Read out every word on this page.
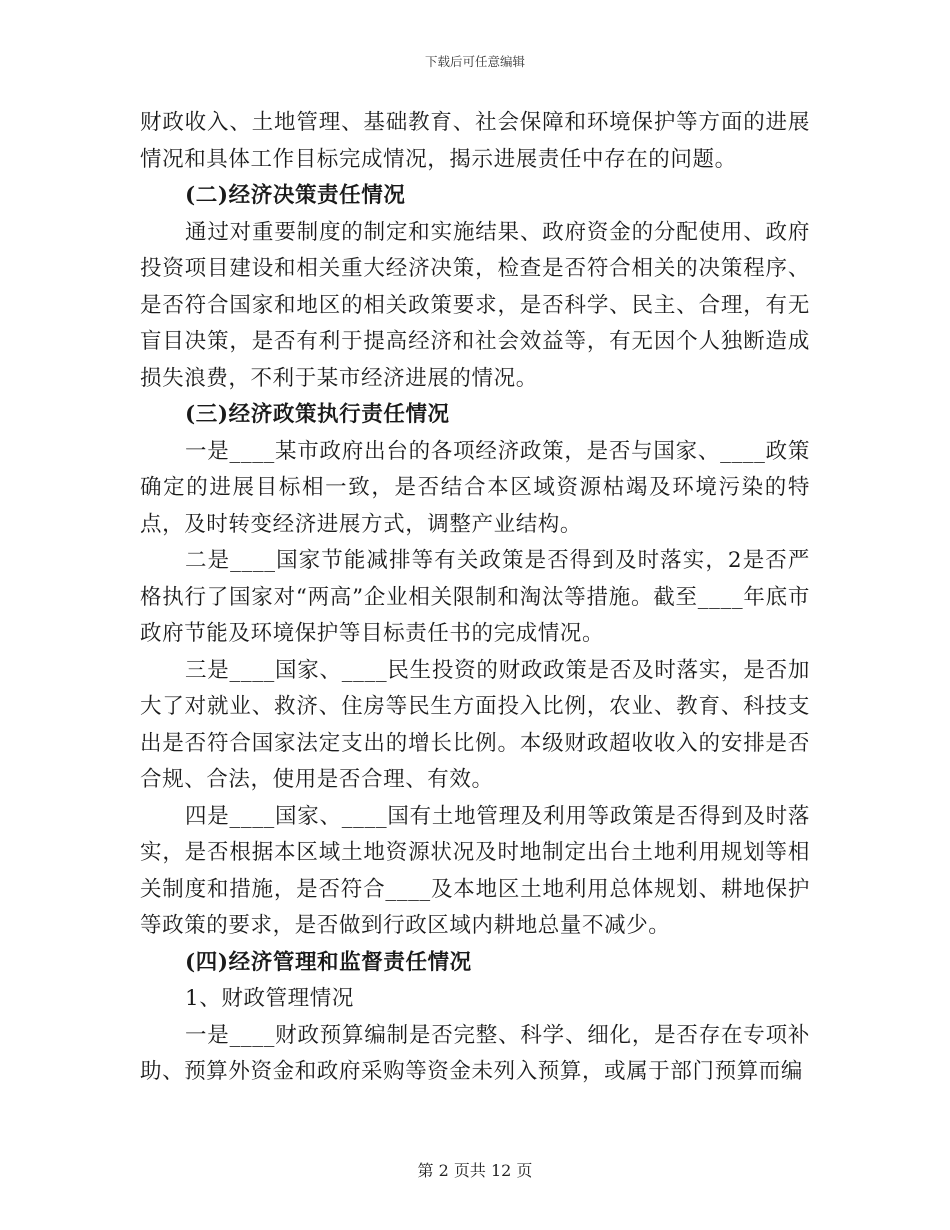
下载后可任意编辑

财政收入、土地管理、基础教育、社会保障和环境保护等方面的进展情况和具体工作目标完成情况，揭示进展责任中存在的问题。

(二)经济决策责任情况

通过对重要制度的制定和实施结果、政府资金的分配使用、政府投资项目建设和相关重大经济决策，检查是否符合相关的决策程序、是否符合国家和地区的相关政策要求，是否科学、民主、合理，有无盲目决策，是否有利于提高经济和社会效益等，有无因个人独断造成损失浪费，不利于某市经济进展的情况。

(三)经济政策执行责任情况

一是____某市政府出台的各项经济政策，是否与国家、____政策确定的进展目标相一致，是否结合本区域资源枯竭及环境污染的特点，及时转变经济进展方式，调整产业结构。

二是____国家节能减排等有关政策是否得到及时落实，2是否严格执行了国家对“两高”企业相关限制和淘汰等措施。截至____年底市政府节能及环境保护等目标责任书的完成情况。

三是____国家、____民生投资的财政政策是否及时落实，是否加大了对就业、救济、住房等民生方面投入比例，农业、教育、科技支出是否符合国家法定支出的增长比例。本级财政超收收入的安排是否合规、合法，使用是否合理、有效。

四是____国家、____国有土地管理及利用等政策是否得到及时落实，是否根据本区域土地资源状况及时地制定出台土地利用规划等相关制度和措施，是否符合____及本地区土地利用总体规划、耕地保护等政策的要求，是否做到行政区域内耕地总量不减少。

(四)经济管理和监督责任情况

1、财政管理情况

一是____财政预算编制是否完整、科学、细化，是否存在专项补助、预算外资金和政府采购等资金未列入预算，或属于部门预算而编

第 2 页共 12 页
